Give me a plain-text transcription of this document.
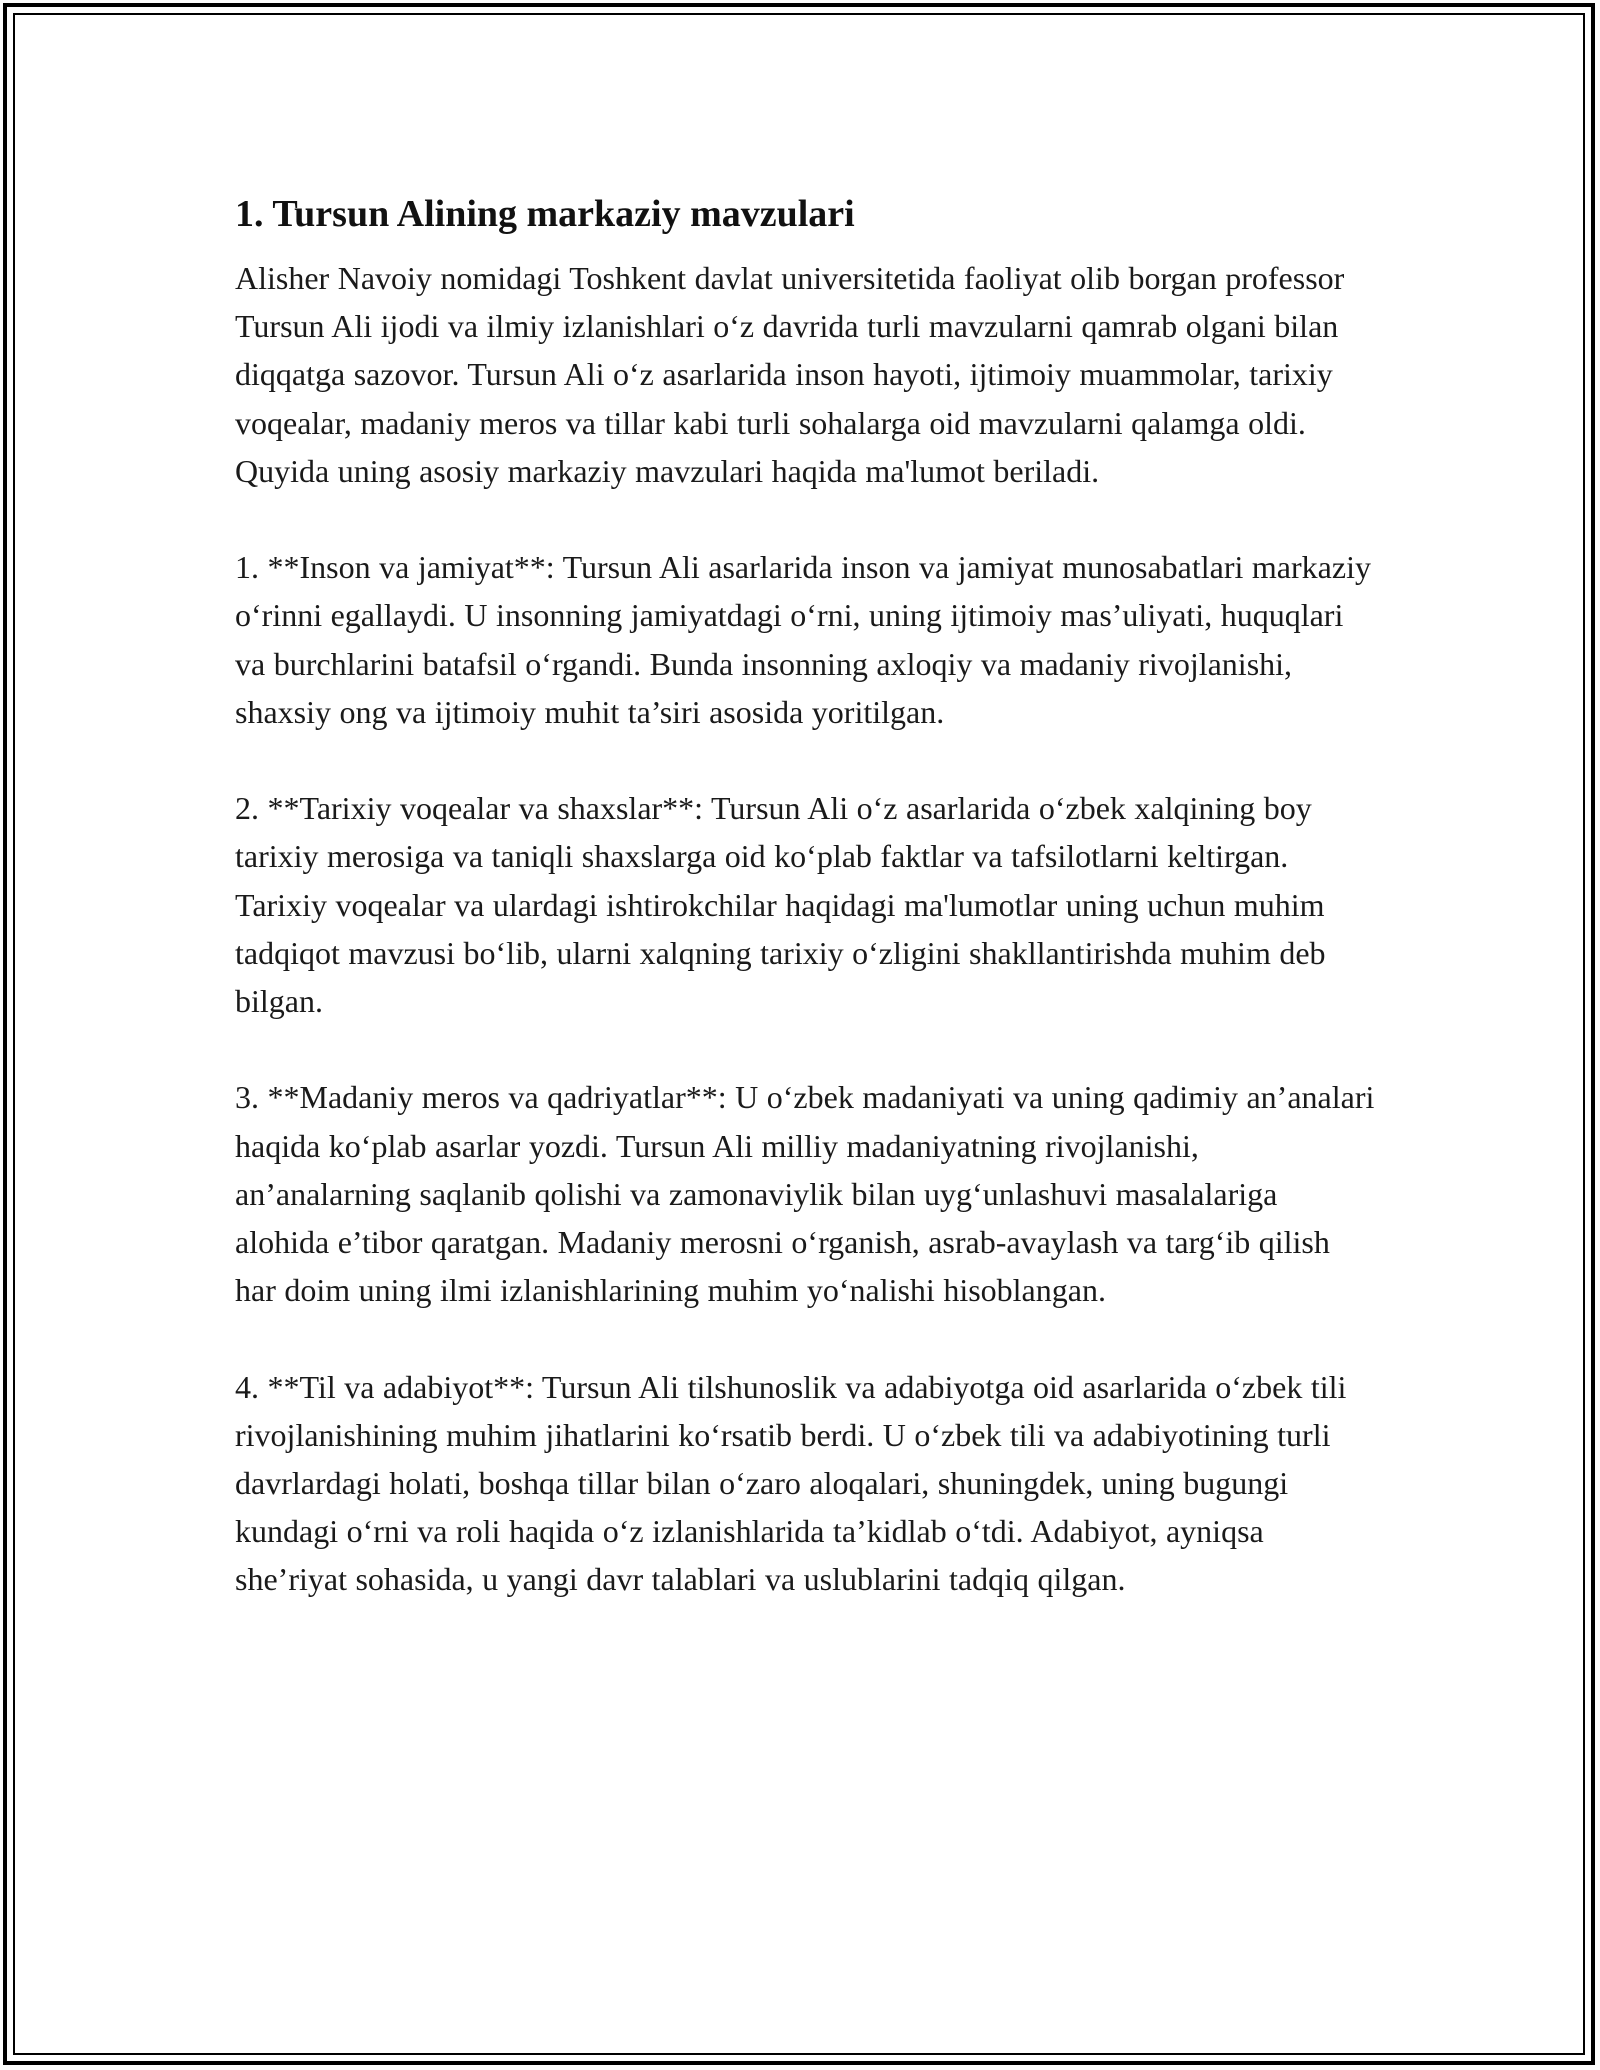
1. Tursun Alining markaziy mavzulari

Alisher Navoiy nomidagi Toshkent davlat universitetida faoliyat olib borgan professor Tursun Ali ijodi va ilmiy izlanishlari o‘z davrida turli mavzularni qamrab olgani bilan diqqatga sazovor. Tursun Ali o‘z asarlarida inson hayoti, ijtimoiy muammolar, tarixiy voqealar, madaniy meros va tillar kabi turli sohalarga oid mavzularni qalamga oldi. Quyida uning asosiy markaziy mavzulari haqida ma'lumot beriladi.

1. **Inson va jamiyat**: Tursun Ali asarlarida inson va jamiyat munosabatlari markaziy o‘rinni egallaydi. U insonning jamiyatdagi o‘rni, uning ijtimoiy mas’uliyati, huquqlari va burchlarini batafsil o‘rgandi. Bunda insonning axloqiy va madaniy rivojlanishi, shaxsiy ong va ijtimoiy muhit ta’siri asosida yoritilgan.

2. **Tarixiy voqealar va shaxslar**: Tursun Ali o‘z asarlarida o‘zbek xalqining boy tarixiy merosiga va taniqli shaxslarga oid ko‘plab faktlar va tafsilotlarni keltirgan. Tarixiy voqealar va ulardagi ishtirokchilar haqidagi ma'lumotlar uning uchun muhim tadqiqot mavzusi bo‘lib, ularni xalqning tarixiy o‘zligini shakllantirishda muhim deb bilgan.

3. **Madaniy meros va qadriyatlar**: U o‘zbek madaniyati va uning qadimiy an’analari haqida ko‘plab asarlar yozdi. Tursun Ali milliy madaniyatning rivojlanishi, an’analarning saqlanib qolishi va zamonaviylik bilan uyg‘unlashuvi masalalariga alohida e’tibor qaratgan. Madaniy merosni o‘rganish, asrab-avaylash va targ‘ib qilish har doim uning ilmi izlanishlarining muhim yo‘nalishi hisoblangan.

4. **Til va adabiyot**: Tursun Ali tilshunoslik va adabiyotga oid asarlarida o‘zbek tili rivojlanishining muhim jihatlarini ko‘rsatib berdi. U o‘zbek tili va adabiyotining turli davrlardagi holati, boshqa tillar bilan o‘zaro aloqalari, shuningdek, uning bugungi kundagi o‘rni va roli haqida o‘z izlanishlarida ta’kidlab o‘tdi. Adabiyot, ayniqsa she’riyat sohasida, u yangi davr talablari va uslublarini tadqiq qilgan.
